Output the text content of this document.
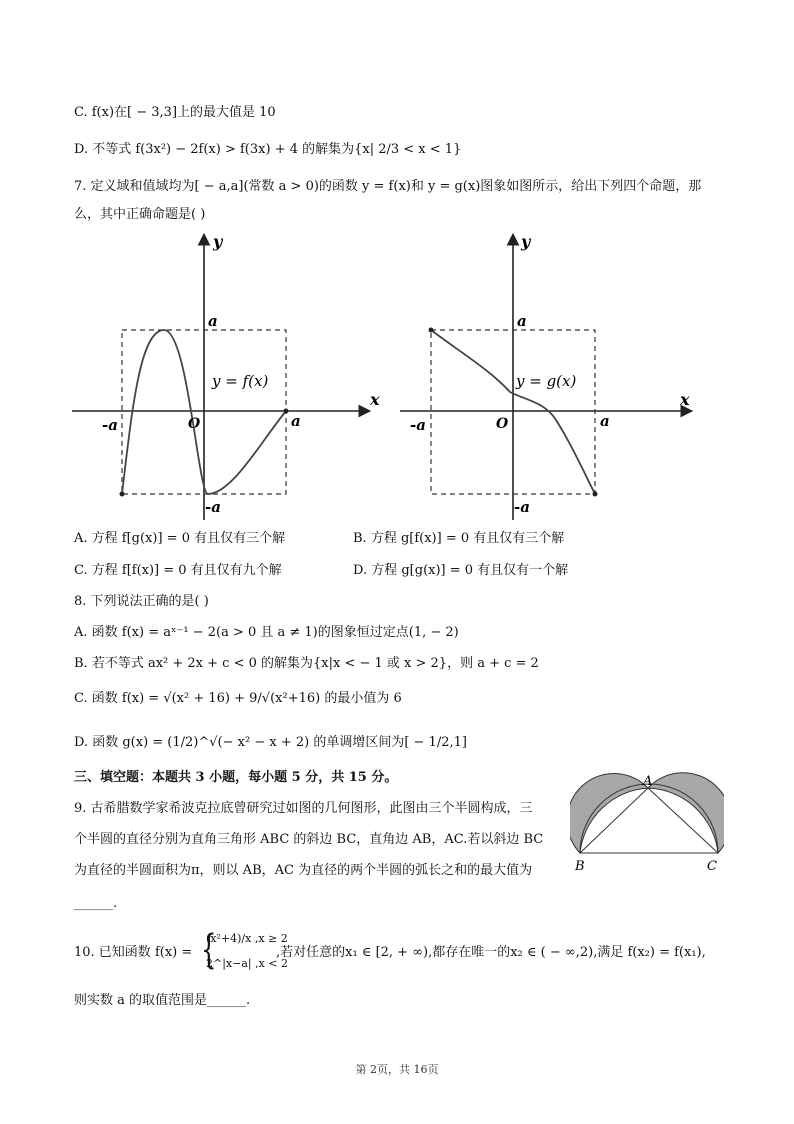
C. f(x)在[ − 3,3]上的最大值是 10
D. 不等式 f(3x²) − 2f(x) > f(3x) + 4 的解集为{x| 2/3 < x < 1}
7. 定义域和值域均为[ − a,a](常数 a > 0)的函数 y = f(x)和 y = g(x)图象如图所示，给出下列四个命题，那
么，其中正确命题是( )
y
x
O
a
a
-a
-a
y = f(x)
y
x
O
a
a
-a
-a
y = g(x)
A. 方程 f[g(x)] = 0 有且仅有三个解	B. 方程 g[f(x)] = 0 有且仅有三个解
C. 方程 f[f(x)] = 0 有且仅有九个解	D. 方程 g[g(x)] = 0 有且仅有一个解
8. 下列说法正确的是( )
A. 函数 f(x) = aˣ⁻¹ − 2(a > 0 且 a ≠ 1)的图象恒过定点(1, − 2)
B. 若不等式 ax² + 2x + c < 0 的解集为{x|x < − 1 或 x > 2}，则 a + c = 2
C. 函数 f(x) = √(x² + 16) + 9/√(x²+16) 的最小值为 6
D. 函数 g(x) = (1/2)^√(− x² − x + 2) 的单调增区间为[ − 1/2,1]
三、填空题：本题共 3 小题，每小题 5 分，共 15 分。
9. 古希腊数学家希波克拉底曾研究过如图的几何图形，此图由三个半圆构成，三
个半圆的直径分别为直角三角形 ABC 的斜边 BC，直角边 AB，AC.若以斜边 BC
为直径的半圆面积为π，则以 AB，AC 为直径的两个半圆的弧长之和的最大值为
______.
A
B	C
10. 已知函数 f(x) = {
(x²+4)/x ,x ≥ 2
2^|x−a| ,x < 2
,若对任意的x₁ ∈ [2, + ∞),都存在唯一的x₂ ∈ ( − ∞,2),满足 f(x₂) = f(x₁),
则实数 a 的取值范围是______.
第 2页，共 16页
